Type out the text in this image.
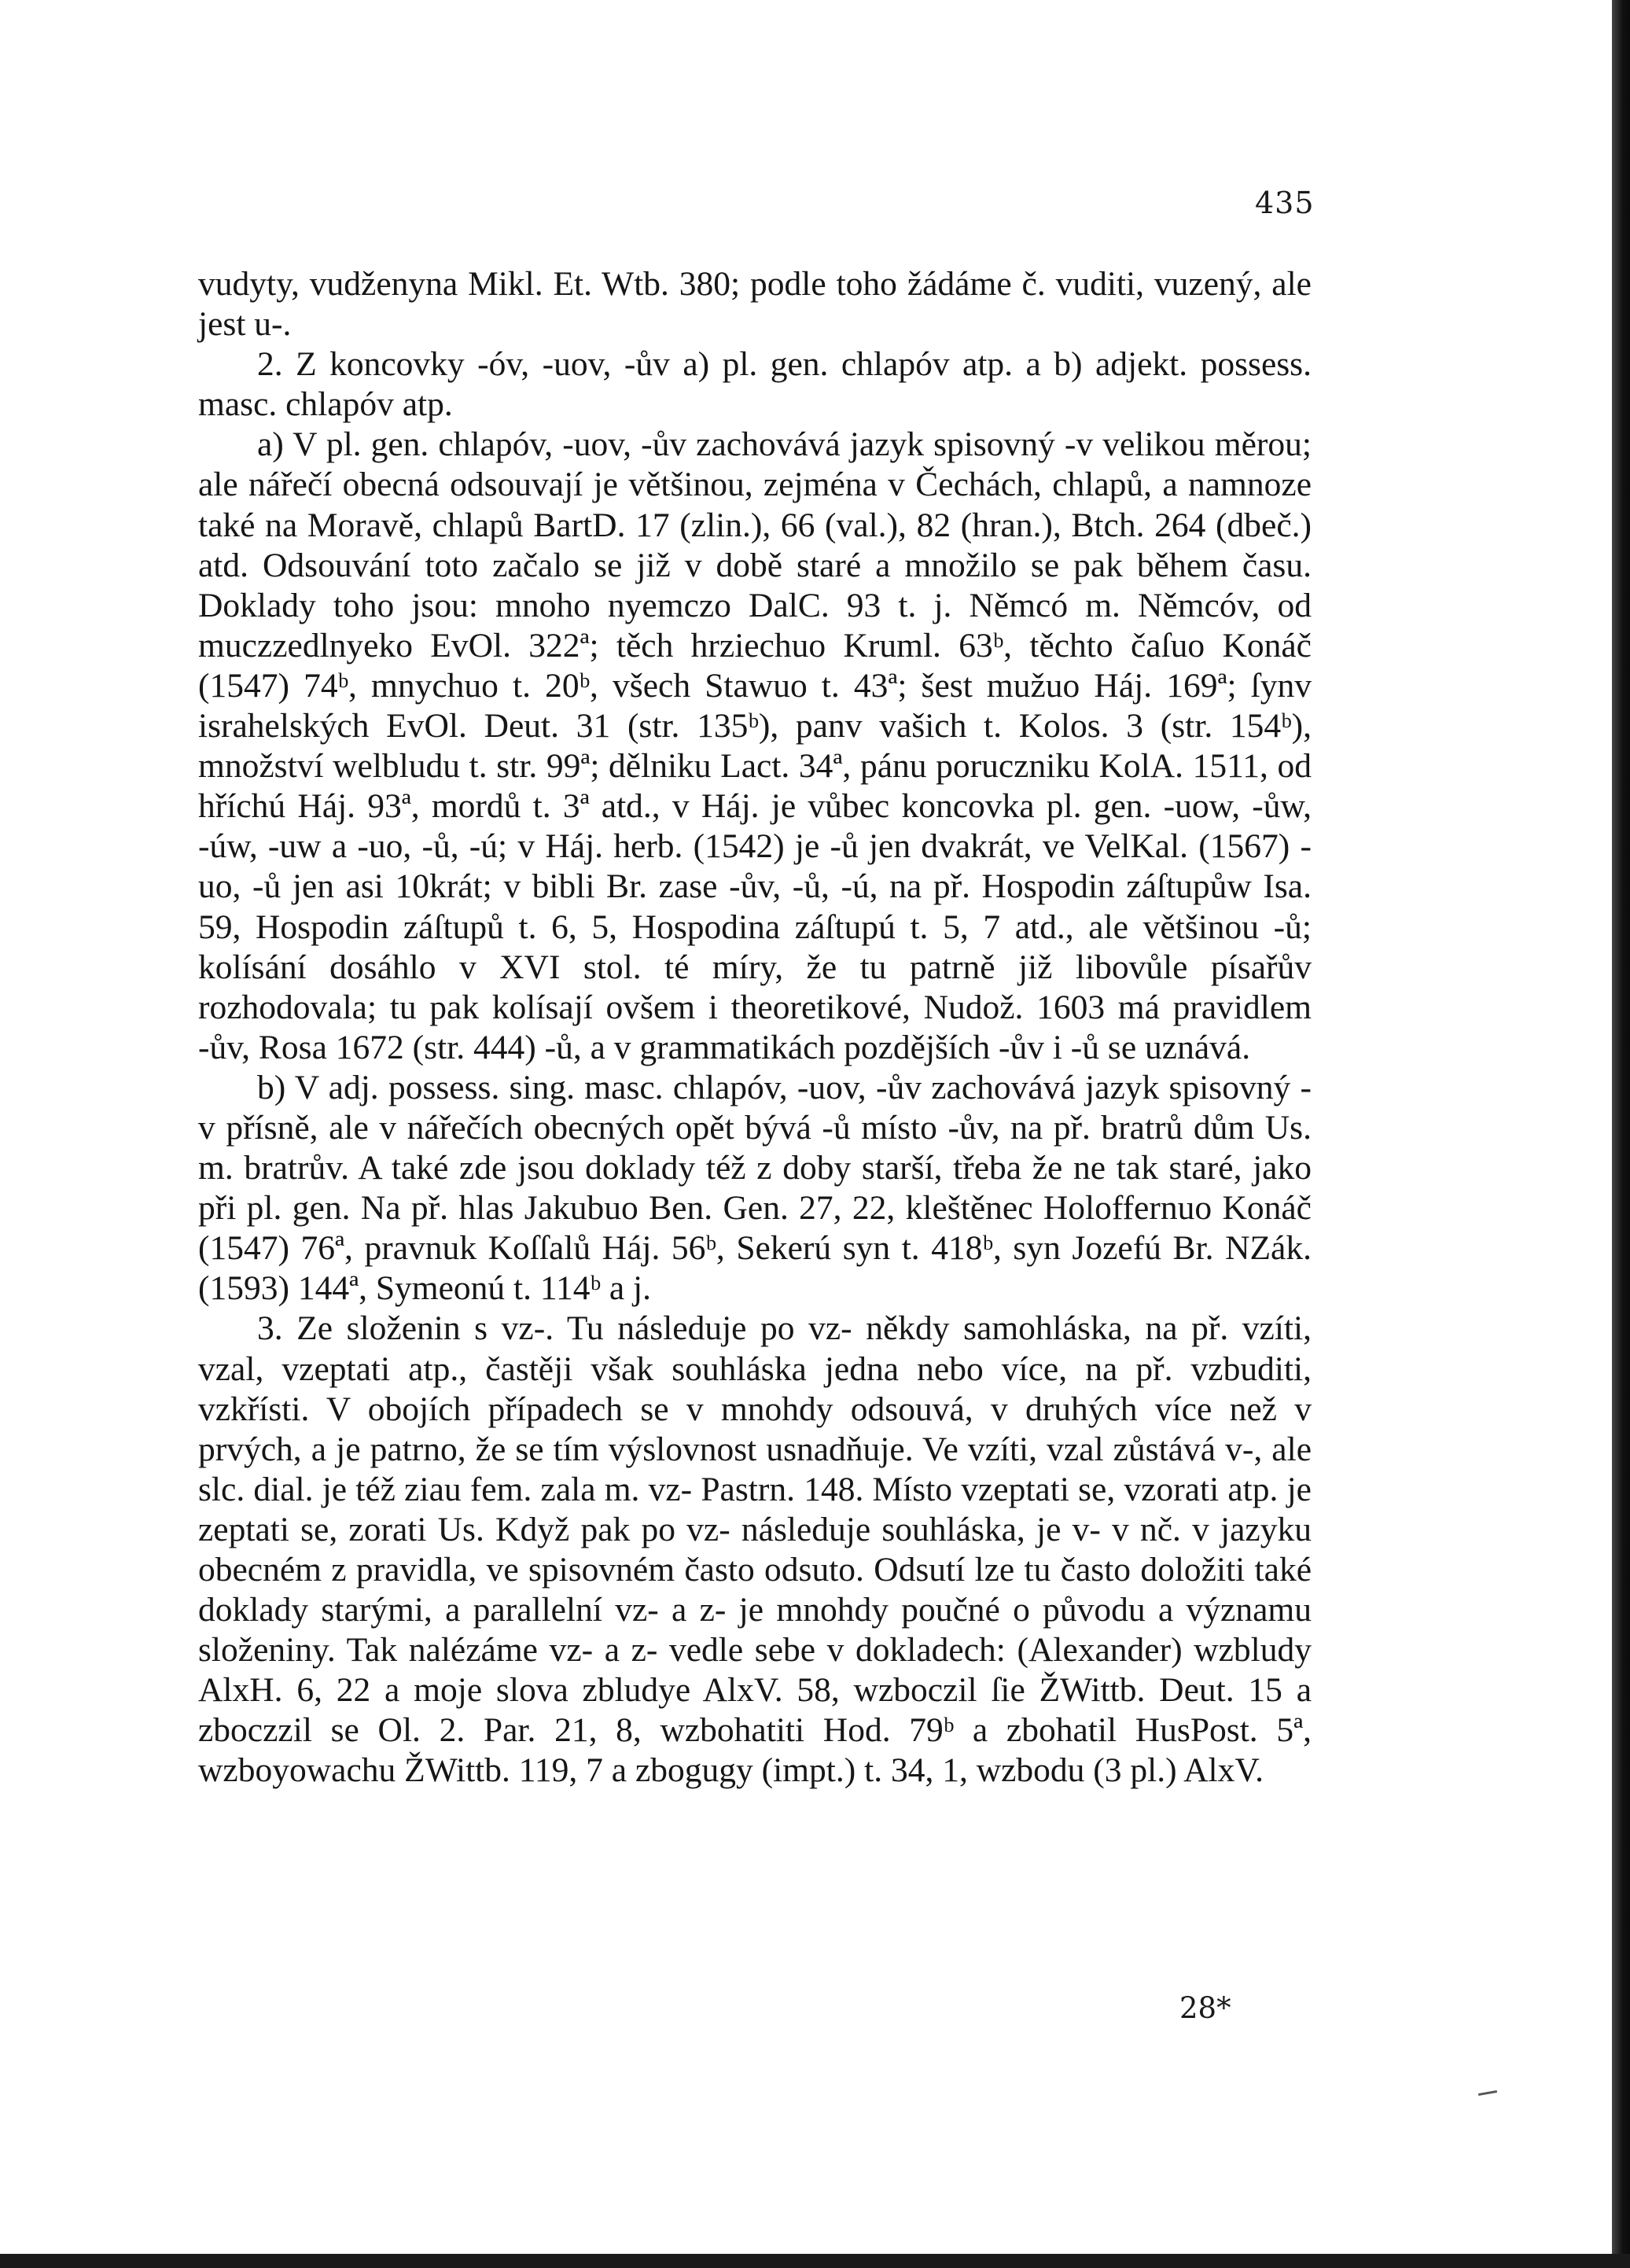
435

vudyty, vudženyna Mikl. Et. Wtb. 380; podle toho žádáme č. vuditi, vuzený, ale jest u-.

2. Z koncovky -óv, -uov, -ův a) pl. gen. chlapóv atp. a b) adjekt. possess. masc. chlapóv atp.

a) V pl. gen. chlapóv, -uov, -ův zachovává jazyk spisovný -v velikou měrou; ale nářečí obecná odsouvají je většinou, zejména v Čechách, chlapů, a namnoze také na Moravě, chlapů BartD. 17 (zlin.), 66 (val.), 82 (hran.), Btch. 264 (dbeč.) atd. Odsouvání toto začalo se již v době staré a množilo se pak během času. Doklady toho jsou: mnoho nyemczo DalC. 93 t. j. Němcó m. Němcóv, od muczzedlnyeko EvOl. 322ª; těch hrziechuo Kruml. 63ᵇ, těchto čaſuo Konáč (1547) 74ᵇ, mnychuo t. 20ᵇ, všech Stawuo t. 43ª; šest mužuo Háj. 169ª; ſynv israhelských EvOl. Deut. 31 (str. 135ᵇ), panv vašich t. Kolos. 3 (str. 154ᵇ), množství welbludu t. str. 99ª; dělniku Lact. 34ª, pánu poruczniku KolA. 1511, od hříchú Háj. 93ª, mordů t. 3ª atd., v Háj. je vůbec koncovka pl. gen. -uow, -ůw, -úw, -uw a -uo, -ů, -ú; v Háj. herb. (1542) je -ů jen dvakrát, ve VelKal. (1567) -uo, -ů jen asi 10krát; v bibli Br. zase -ův, -ů, -ú, na př. Hospodin záſtupůw Isa. 59, Hospodin záſtupů t. 6, 5, Hospodina záſtupú t. 5, 7 atd., ale většinou -ů; kolísání dosáhlo v XVI stol. té míry, že tu patrně již libovůle písařův rozhodovala; tu pak kolísají ovšem i theoretikové, Nudož. 1603 má pravidlem -ův, Rosa 1672 (str. 444) -ů, a v grammatikách pozdějších -ův i -ů se uznává.

b) V adj. possess. sing. masc. chlapóv, -uov, -ův zachovává jazyk spisovný -v přísně, ale v nářečích obecných opět bývá -ů místo -ův, na př. bratrů dům Us. m. bratrův. A také zde jsou doklady též z doby starší, třeba že ne tak staré, jako při pl. gen. Na př. hlas Jakubuo Ben. Gen. 27, 22, kleštěnec Holoffernuo Konáč (1547) 76ª, pravnuk Koſſalů Háj. 56ᵇ, Sekerú syn t. 418ᵇ, syn Jozefú Br. NZák. (1593) 144ª, Symeonú t. 114ᵇ a j.

3. Ze složenin s vz-. Tu následuje po vz- někdy samohláska, na př. vzíti, vzal, vzeptati atp., častěji však souhláska jedna nebo více, na př. vzbuditi, vzkřísti. V obojích případech se v mnohdy odsouvá, v druhých více než v prvých, a je patrno, že se tím výslovnost usnadňuje. Ve vzíti, vzal zůstává v-, ale slc. dial. je též ziau fem. zala m. vz- Pastrn. 148. Místo vzeptati se, vzorati atp. je zeptati se, zorati Us. Když pak po vz- následuje souhláska, je v- v nč. v jazyku obecném z pravidla, ve spisovném často odsuto. Odsutí lze tu často doložiti také doklady starými, a parallelní vz- a z- je mnohdy poučné o původu a významu složeniny. Tak nalézáme vz- a z- vedle sebe v dokladech: (Alexander) wzbludy AlxH. 6, 22 a moje slova zbludye AlxV. 58, wzboczil ſie ŽWittb. Deut. 15 a zboczzil se Ol. 2. Par. 21, 8, wzbohatiti Hod. 79ᵇ a zbohatil HusPost. 5ª, wzboyowachu ŽWittb. 119, 7 a zbogugy (impt.) t. 34, 1, wzbodu (3 pl.) AlxV.

28*
